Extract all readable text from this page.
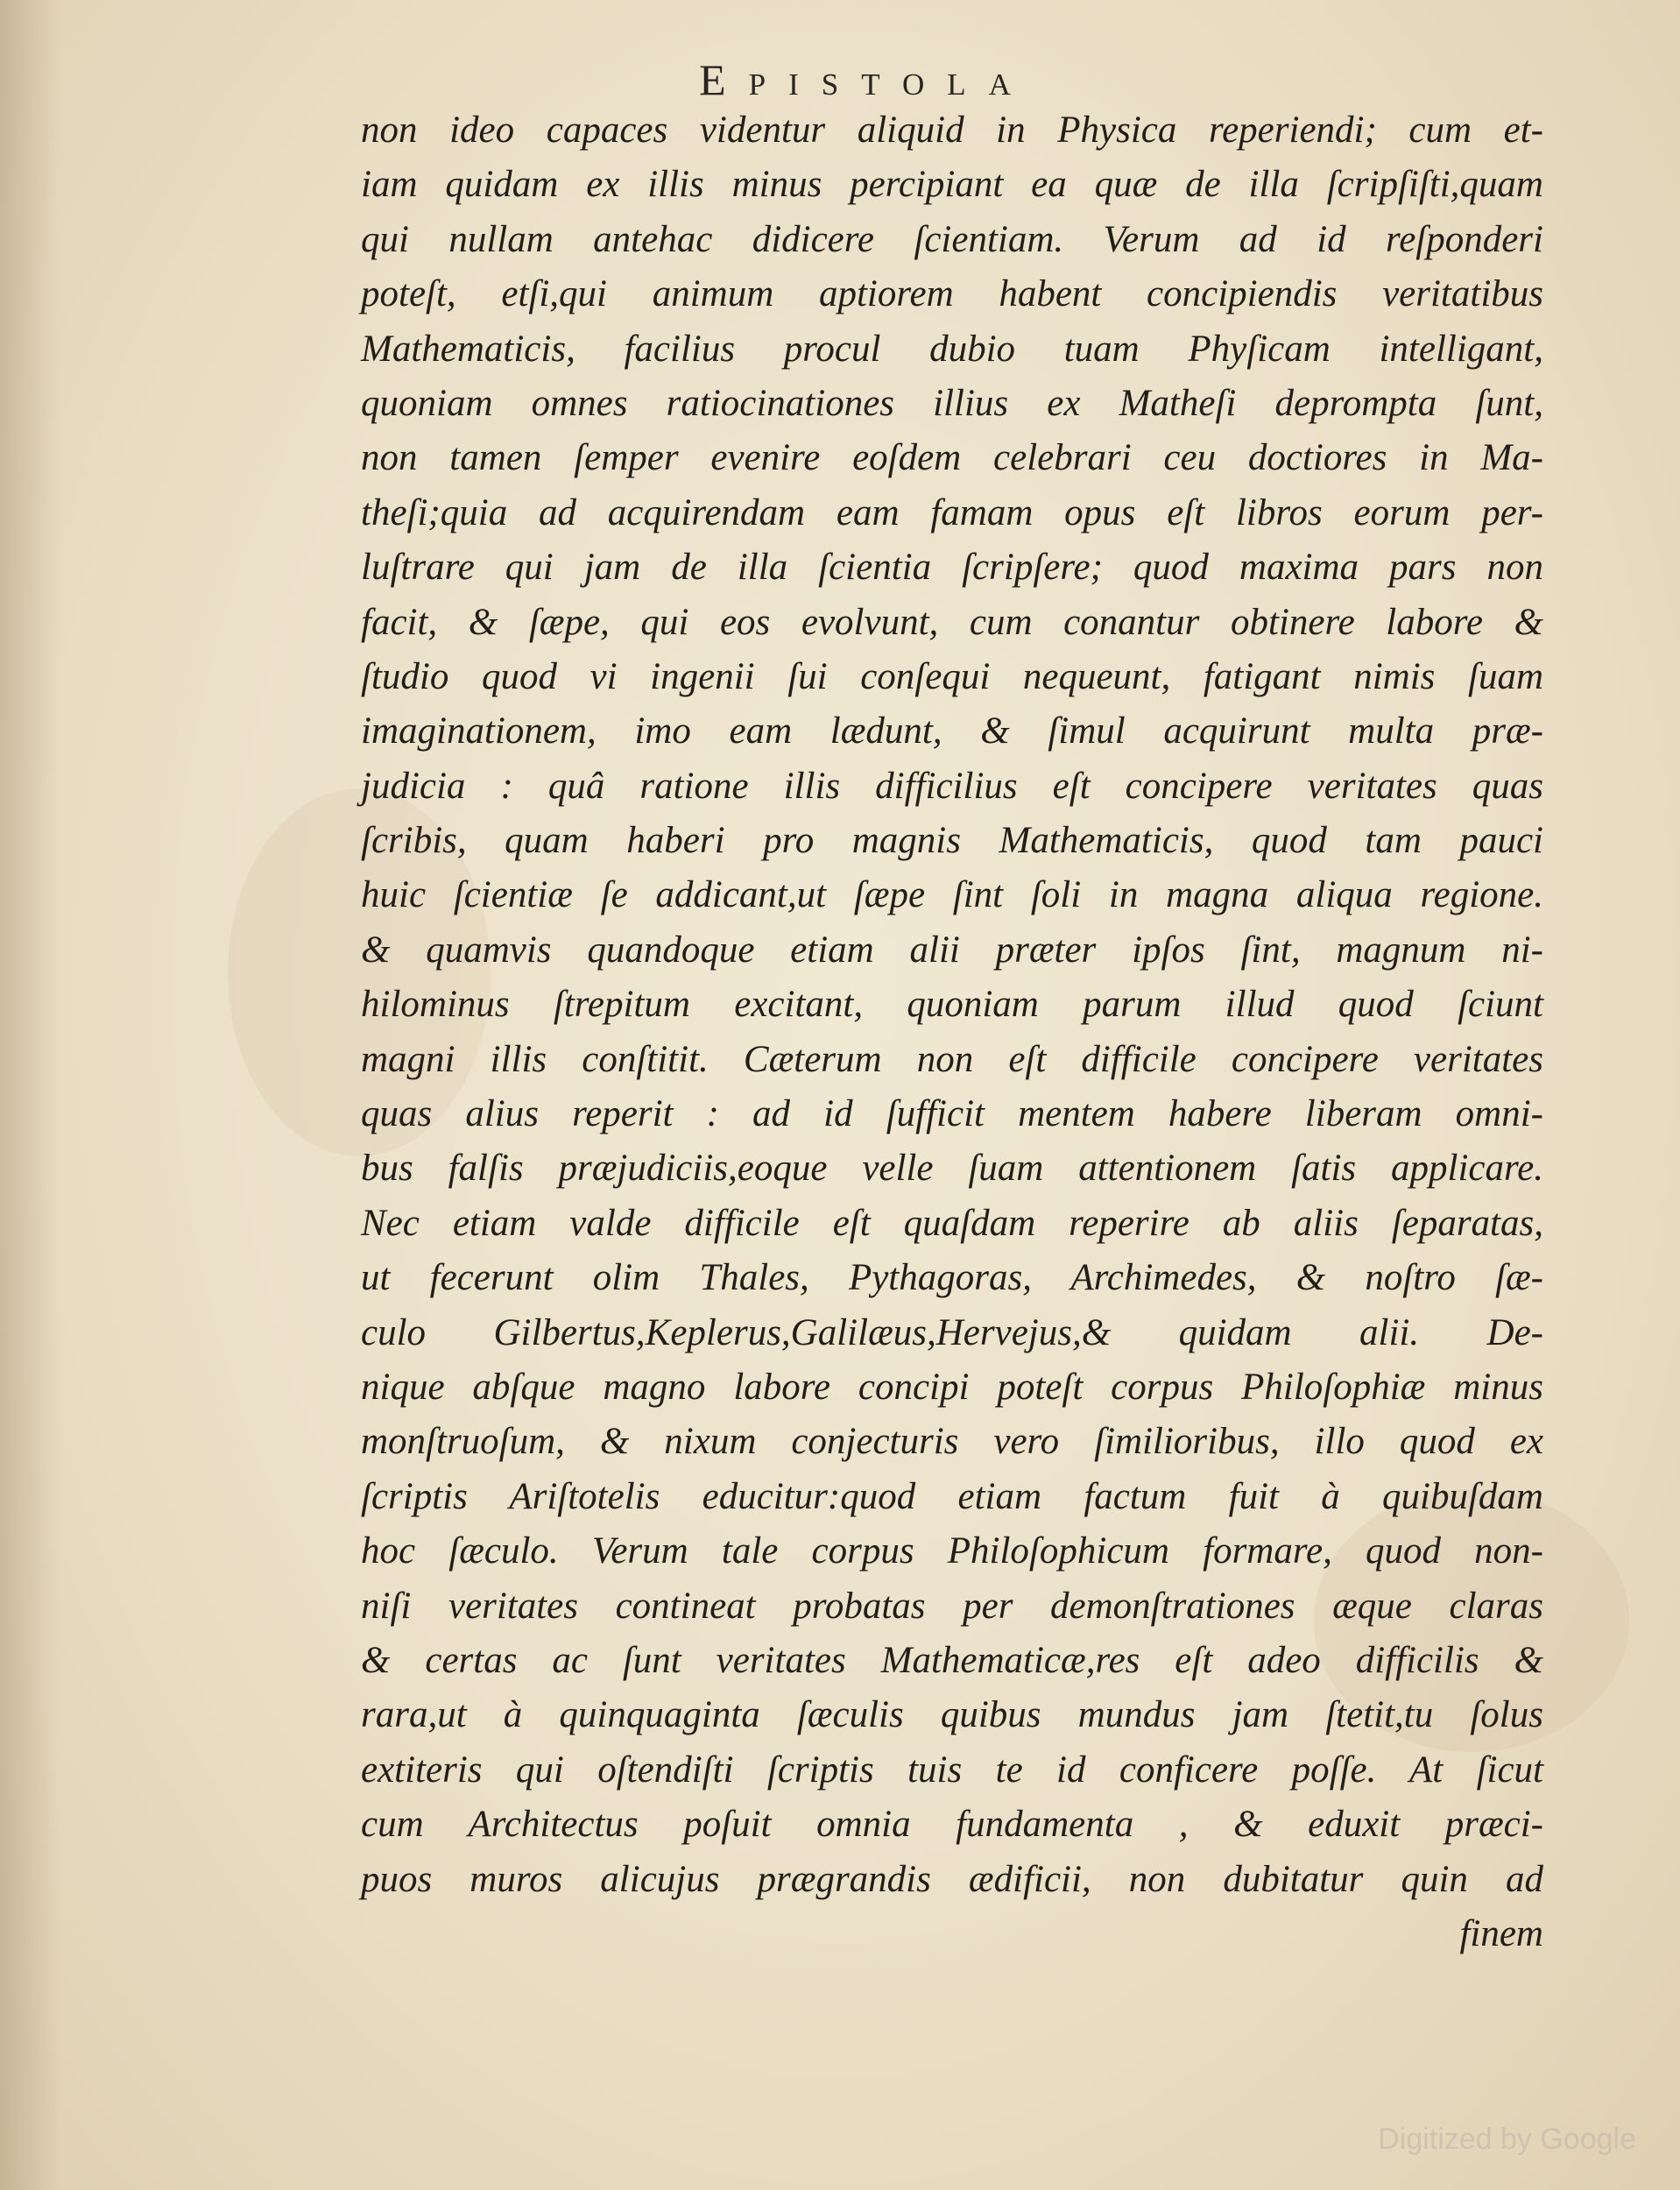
Epistola
non ideo capaces videntur aliquid in Physica reperiendi; cum et-
iam quidam ex illis minus percipiant ea quæ de illa ſcripſiſti,quam
qui nullam antehac didicere ſcientiam. Verum ad id reſponderi
poteſt, etſi,qui animum aptiorem habent concipiendis veritatibus
Mathematicis, facilius procul dubio tuam Phyſicam intelligant,
quoniam omnes ratiocinationes illius ex Matheſi deprompta ſunt,
non tamen ſemper evenire eoſdem celebrari ceu doctiores in Ma-
theſi;quia ad acquirendam eam famam opus eſt libros eorum per-
luſtrare qui jam de illa ſcientia ſcripſere; quod maxima pars non
facit, & ſæpe, qui eos evolvunt, cum conantur obtinere labore &
ſtudio quod vi ingenii ſui conſequi nequeunt, fatigant nimis ſuam
imaginationem, imo eam lædunt, & ſimul acquirunt multa præ-
judicia : quâ ratione illis difficilius eſt concipere veritates quas
ſcribis, quam haberi pro magnis Mathematicis, quod tam pauci
huic ſcientiæ ſe addicant,ut ſæpe ſint ſoli in magna aliqua regione.
& quamvis quandoque etiam alii præter ipſos ſint, magnum ni-
hilominus ſtrepitum excitant, quoniam parum illud quod ſciunt
magni illis conſtitit. Cæterum non eſt difficile concipere veritates
quas alius reperit : ad id ſufficit mentem habere liberam omni-
bus falſis præjudiciis,eoque velle ſuam attentionem ſatis applicare.
Nec etiam valde difficile eſt quaſdam reperire ab aliis ſeparatas,
ut fecerunt olim Thales, Pythagoras, Archimedes, & noſtro ſæ-
culo Gilbertus,Keplerus,Galilæus,Hervejus,& quidam alii. De-
nique abſque magno labore concipi poteſt corpus Philoſophiæ minus
monſtruoſum, & nixum conjecturis vero ſimilioribus, illo quod ex
ſcriptis Ariſtotelis educitur:quod etiam factum fuit à quibuſdam
hoc ſæculo. Verum tale corpus Philoſophicum formare, quod non-
niſi veritates contineat probatas per demonſtrationes æque claras
& certas ac ſunt veritates Mathematicæ,res eſt adeo difficilis &
rara,ut à quinquaginta ſæculis quibus mundus jam ſtetit,tu ſolus
extiteris qui oſtendiſti ſcriptis tuis te id conficere poſſe. At ſicut
cum Architectus poſuit omnia fundamenta , & eduxit præci-
puos muros alicujus prægrandis ædificii, non dubitatur quin ad
finem
Digitized by Google
